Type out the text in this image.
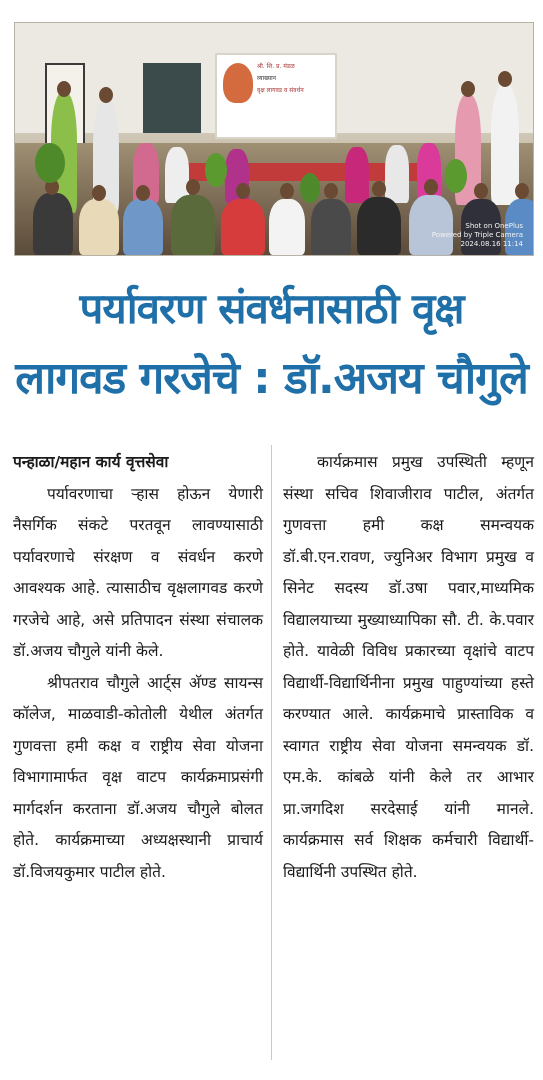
श्री. शि. प्र. मंडळ
व्याख्यान
वृक्ष लागवड व संवर्धन
Shot on OnePlus
Powered by Triple Camera
2024.08.16 11:14
पर्यावरण संवर्धनासाठी वृक्ष
लागवड गरजेचे : डॉ.अजय चौगुले

पन्हाळा/महान कार्य वृत्तसेवा

पर्यावरणाचा ऱ्हास होऊन येणारी नैसर्गिक संकटे परतवून लावण्यासाठी पर्यावरणाचे संरक्षण व संवर्धन करणे आवश्यक आहे. त्यासाठीच वृक्षलागवड करणे गरजेचे आहे, असे प्रतिपादन संस्था संचालक डॉ.अजय चौगुले यांनी केले.

श्रीपतराव चौगुले आर्ट्स अ‍ॅण्ड सायन्स कॉलेज, माळवाडी-कोतोली येथील अंतर्गत गुणवत्ता हमी कक्ष व राष्ट्रीय सेवा योजना विभागामार्फत वृक्ष वाटप कार्यक्रमाप्रसंगी मार्गदर्शन करताना डॉ.अजय चौगुले बोलत होते. कार्यक्रमाच्या अध्यक्षस्थानी प्राचार्य डॉ.विजयकुमार पाटील होते.

कार्यक्रमास प्रमुख उपस्थिती म्हणून संस्था सचिव शिवाजीराव पाटील, अंतर्गत गुणवत्ता हमी कक्ष समन्वयक डॉ.बी.एन.रावण, ज्युनिअर विभाग प्रमुख व सिनेट सदस्य डॉ.उषा पवार,माध्यमिक विद्यालयाच्या मुख्याध्यापिका सौ. टी. के.पवार होते. यावेळी विविध प्रकारच्या वृक्षांचे वाटप विद्यार्थी-विद्यार्थिनीना प्रमुख पाहुण्यांच्या हस्ते करण्यात आले. कार्यक्रमाचे प्रास्ताविक व स्वागत राष्ट्रीय सेवा योजना समन्वयक डॉ. एम.के. कांबळे यांनी केले तर आभार प्रा.जगदिश सरदेसाई यांनी मानले. कार्यक्रमास सर्व शिक्षक कर्मचारी विद्यार्थी-विद्यार्थिनी उपस्थित होते.
